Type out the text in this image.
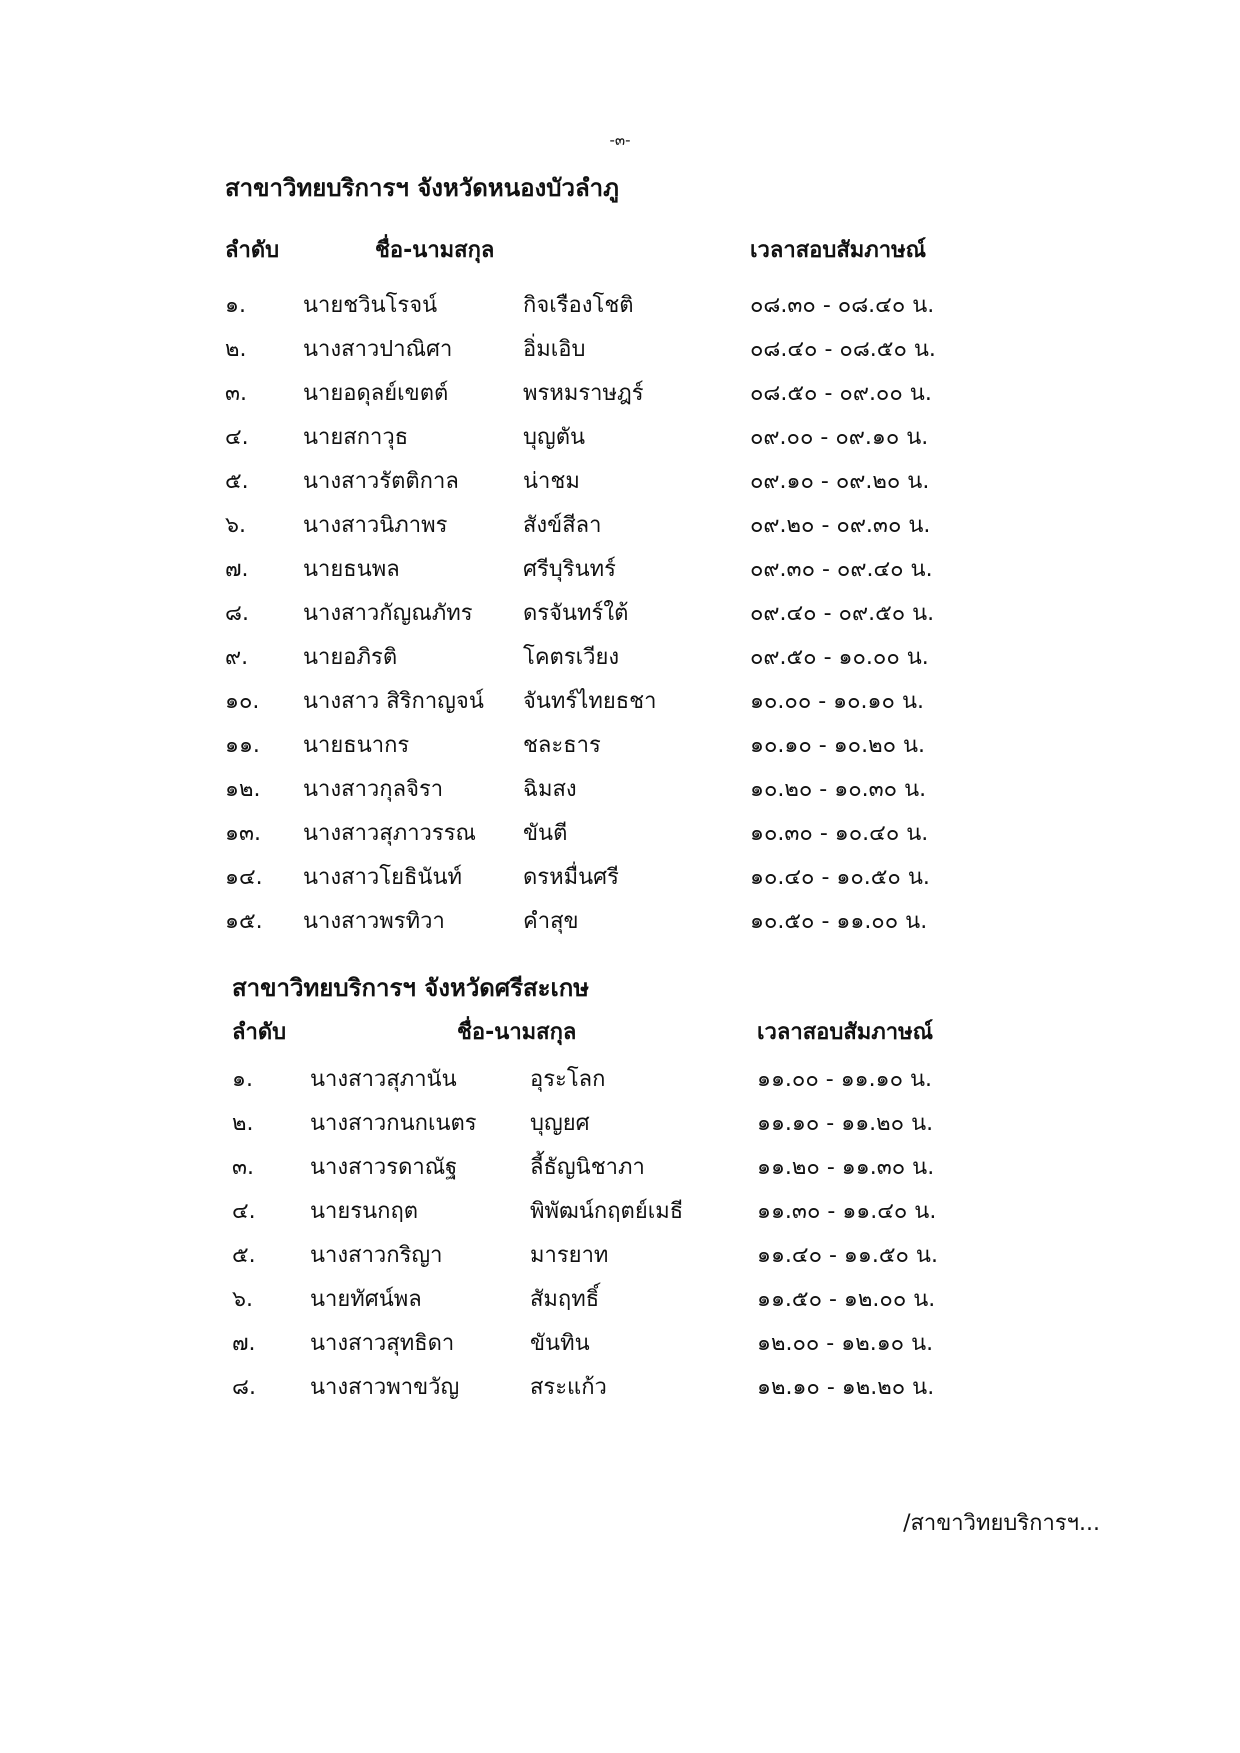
-๓-
สาขาวิทยบริการฯ จังหวัดหนองบัวลำภู
ลำดับ	ชื่อ-นามสกุล	เวลาสอบสัมภาษณ์
๑.	นายชวินโรจน์	กิจเรืองโชติ	๐๘.๓๐ - ๐๘.๔๐ น.
๒.	นางสาวปาณิศา	อิ่มเอิบ	๐๘.๔๐ - ๐๘.๕๐ น.
๓.	นายอดุลย์เขตต์	พรหมราษฎร์	๐๘.๕๐ - ๐๙.๐๐ น.
๔.	นายสกาวุธ	บุญตัน	๐๙.๐๐ - ๐๙.๑๐ น.
๕.	นางสาวรัตติกาล	น่าชม	๐๙.๑๐ - ๐๙.๒๐ น.
๖.	นางสาวนิภาพร	สังข์สีลา	๐๙.๒๐ - ๐๙.๓๐ น.
๗.	นายธนพล	ศรีบุรินทร์	๐๙.๓๐ - ๐๙.๔๐ น.
๘.	นางสาวกัญณภัทร	ดรจันทร์ใต้	๐๙.๔๐ - ๐๙.๕๐ น.
๙.	นายอภิรติ	โคตรเวียง	๐๙.๕๐ - ๑๐.๐๐ น.
๑๐.	นางสาว สิริกาญจน์	จันทร์ไทยธชา	๑๐.๐๐ - ๑๐.๑๐ น.
๑๑.	นายธนากร	ชละธาร	๑๐.๑๐ - ๑๐.๒๐ น.
๑๒.	นางสาวกุลจิรา	ฉิมสง	๑๐.๒๐ - ๑๐.๓๐ น.
๑๓.	นางสาวสุภาวรรณ	ขันตี	๑๐.๓๐ - ๑๐.๔๐ น.
๑๔.	นางสาวโยธินันท์	ดรหมื่นศรี	๑๐.๔๐ - ๑๐.๕๐ น.
๑๕.	นางสาวพรทิวา	คำสุข	๑๐.๕๐ - ๑๑.๐๐ น.
สาขาวิทยบริการฯ จังหวัดศรีสะเกษ
ลำดับ	ชื่อ-นามสกุล	เวลาสอบสัมภาษณ์
๑.	นางสาวสุภานัน	อุระโลก	๑๑.๐๐ - ๑๑.๑๐ น.
๒.	นางสาวกนกเนตร	บุญยศ	๑๑.๑๐ - ๑๑.๒๐ น.
๓.	นางสาวรดาณัฐ	ลี้ธัญนิชาภา	๑๑.๒๐ - ๑๑.๓๐ น.
๔.	นายรนกฤต	พิพัฒน์กฤตย์เมธี	๑๑.๓๐ - ๑๑.๔๐ น.
๕.	นางสาวกริญา	มารยาท	๑๑.๔๐ - ๑๑.๕๐ น.
๖.	นายทัศน์พล	สัมฤทธิ์	๑๑.๕๐ - ๑๒.๐๐ น.
๗.	นางสาวสุทธิดา	ขันทิน	๑๒.๐๐ - ๑๒.๑๐ น.
๘.	นางสาวพาขวัญ	สระแก้ว	๑๒.๑๐ - ๑๒.๒๐ น.
/สาขาวิทยบริการฯ...
